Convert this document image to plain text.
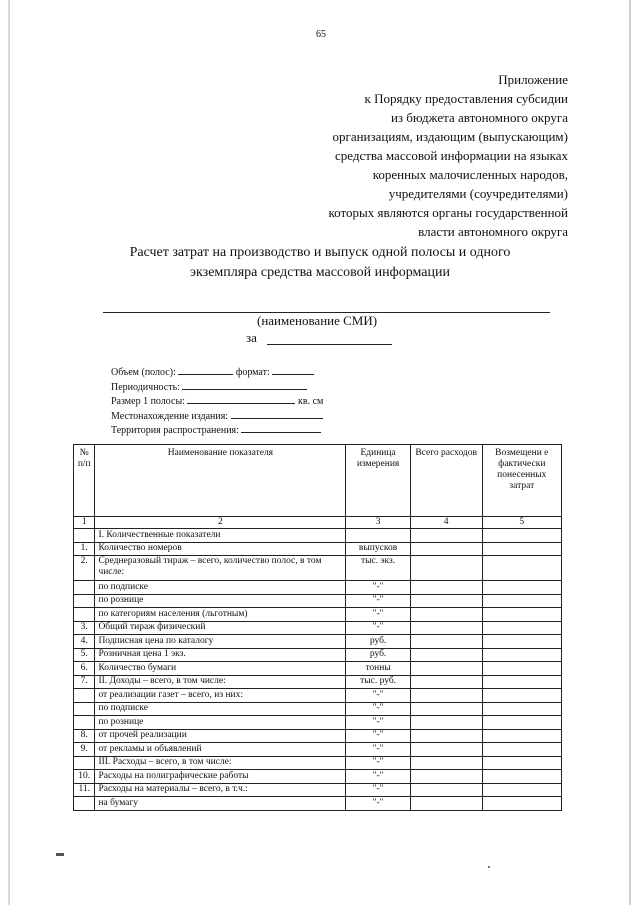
65
Приложение
к Порядку предоставления субсидии
из бюджета автономного округа
организациям, издающим (выпускающим)
средства массовой информации на языках
коренных малочисленных народов,
учредителями (соучредителями)
которых являются органы государственной
власти автономного округа
Расчет затрат на производство и выпуск одной полосы и одного
экземпляра средства массовой информации
(наименование СМИ)
за
Объем (полос):	формат:
Периодичность:
Размер 1 полосы:	кв. см
Местонахождение издания:
Территория распространения:
№ п/п	Наименование показателя	Единица измерения	Всего расходов	Возмещени е фактически понесенных затрат
1	2	3	4	5
	I. Количественные показатели			
1.	Количество номеров	выпусков		
2.	Среднеразовый тираж – всего, количество полос, в том числе:	тыс. экз.		
	по подписке	"-"		
	по рознице	"-"		
	по категориям населения (льготным)	"-"		
3.	Общий тираж физический	"-"		
4.	Подписная цена по каталогу	руб.		
5.	Розничная цена 1 экз.	руб.		
6.	Количество бумаги	тонны		
7.	II. Доходы – всего, в том числе:	тыс. руб.		
	от реализации газет – всего, из них:	"-"		
	по подписке	"-"		
	по рознице	"-"		
8.	от прочей реализации	"-"		
9.	от рекламы и объявлений	"-"		
	III. Расходы – всего, в том числе:	"-"		
10.	Расходы на полиграфические работы	"-"		
11.	Расходы на материалы – всего, в т.ч.:	"-"		
	на бумагу	"-"		
